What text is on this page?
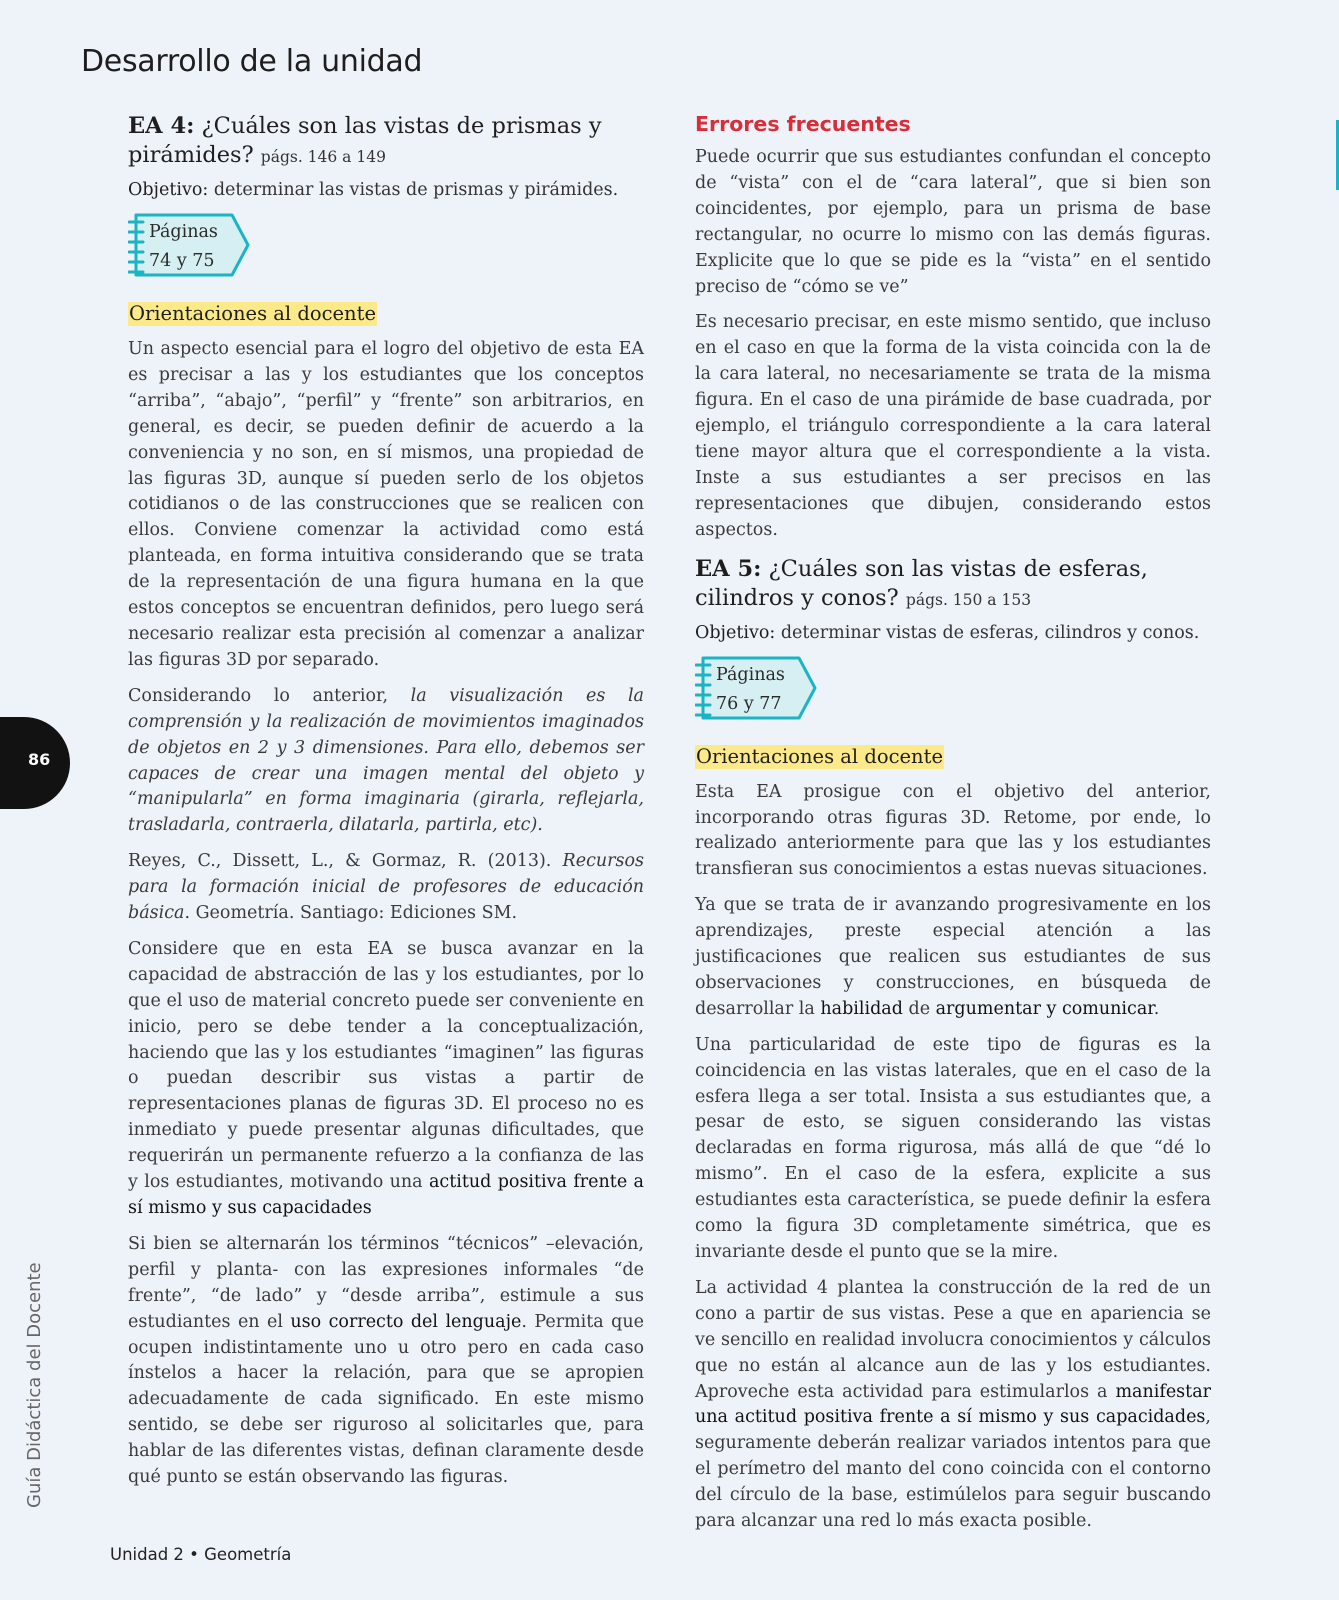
Desarrollo de la unidad
EA 4: ¿Cuáles son las vistas de prismas y pirámides? págs. 146 a 149

Objetivo: determinar las vistas de prismas y pirámides.

Páginas
74 y 75
Orientaciones al docente

Un aspecto esencial para el logro del objetivo de esta EA es precisar a las y los estudiantes que los conceptos “arriba”, “abajo”, “perfil” y “frente” son arbitrarios, en general, es decir, se pueden definir de acuerdo a la conveniencia y no son, en sí mismos, una propiedad de las figuras 3D, aunque sí pueden serlo de los objetos cotidianos o de las construcciones que se realicen con ellos. Conviene comenzar la actividad como está planteada, en forma intuitiva considerando que se trata de la representación de una figura humana en la que estos conceptos se encuentran definidos, pero luego será necesario realizar esta precisión al comenzar a analizar las figuras 3D por separado.

Considerando lo anterior, la visualización es la comprensión y la realización de movimientos imaginados de objetos en 2 y 3 dimensiones. Para ello, debemos ser capaces de crear una imagen mental del objeto y “manipularla” en forma imaginaria (girarla, reflejarla, trasladarla, contraerla, dilatarla, partirla, etc).

Reyes, C., Dissett, L., & Gormaz, R. (2013). Recursos para la formación inicial de profesores de educación básica. Geometría. Santiago: Ediciones SM.

Considere que en esta EA se busca avanzar en la capacidad de abstracción de las y los estudiantes, por lo que el uso de material concreto puede ser conveniente en inicio, pero se debe tender a la conceptualización, haciendo que las y los estudiantes “imaginen” las figuras o puedan describir sus vistas a partir de representaciones planas de figuras 3D. El proceso no es inmediato y puede presentar algunas dificultades, que requerirán un permanente refuerzo a la confianza de las y los estudiantes, motivando una actitud positiva frente a sí mismo y sus capacidades

Si bien se alternarán los términos “técnicos” –elevación, perfil y planta- con las expresiones informales “de frente”, “de lado” y “desde arriba”, estimule a sus estudiantes en el uso correcto del lenguaje. Permita que ocupen indistintamente uno u otro pero en cada caso ínstelos a hacer la relación, para que se apropien adecuadamente de cada significado. En este mismo sentido, se debe ser riguroso al solicitarles que, para hablar de las diferentes vistas, definan claramente desde qué punto se están observando las figuras.

Errores frecuentes

Puede ocurrir que sus estudiantes confundan el concepto de “vista” con el de “cara lateral”, que si bien son coincidentes, por ejemplo, para un prisma de base rectangular, no ocurre lo mismo con las demás figuras. Explicite que lo que se pide es la “vista” en el sentido preciso de “cómo se ve”

Es necesario precisar, en este mismo sentido, que incluso en el caso en que la forma de la vista coincida con la de la cara lateral, no necesariamente se trata de la misma figura. En el caso de una pirámide de base cuadrada, por ejemplo, el triángulo correspondiente a la cara lateral tiene mayor altura que el correspondiente a la vista. Inste a sus estudiantes a ser precisos en las representaciones que dibujen, considerando estos aspectos.

EA 5: ¿Cuáles son las vistas de esferas, cilindros y conos? págs. 150 a 153

Objetivo: determinar vistas de esferas, cilindros y conos.

Páginas
76 y 77
Orientaciones al docente

Esta EA prosigue con el objetivo del anterior, incorporando otras figuras 3D. Retome, por ende, lo realizado anteriormente para que las y los estudiantes transfieran sus conocimientos a estas nuevas situaciones.

Ya que se trata de ir avanzando progresivamente en los aprendizajes, preste especial atención a las justificaciones que realicen sus estudiantes de sus observaciones y construcciones, en búsqueda de desarrollar la habilidad de argumentar y comunicar.

Una particularidad de este tipo de figuras es la coincidencia en las vistas laterales, que en el caso de la esfera llega a ser total. Insista a sus estudiantes que, a pesar de esto, se siguen considerando las vistas declaradas en forma rigurosa, más allá de que “dé lo mismo”. En el caso de la esfera, explicite a sus estudiantes esta característica, se puede definir la esfera como la figura 3D completamente simétrica, que es invariante desde el punto que se la mire.

La actividad 4 plantea la construcción de la red de un cono a partir de sus vistas. Pese a que en apariencia se ve sencillo en realidad involucra conocimientos y cálculos que no están al alcance aun de las y los estudiantes. Aproveche esta actividad para estimularlos a manifestar una actitud positiva frente a sí mismo y sus capacidades, seguramente deberán realizar variados intentos para que el perímetro del manto del cono coincida con el contorno del círculo de la base, estimúlelos para seguir buscando para alcanzar una red lo más exacta posible.

86
Guía Didáctica del Docente
Unidad 2 • Geometría
